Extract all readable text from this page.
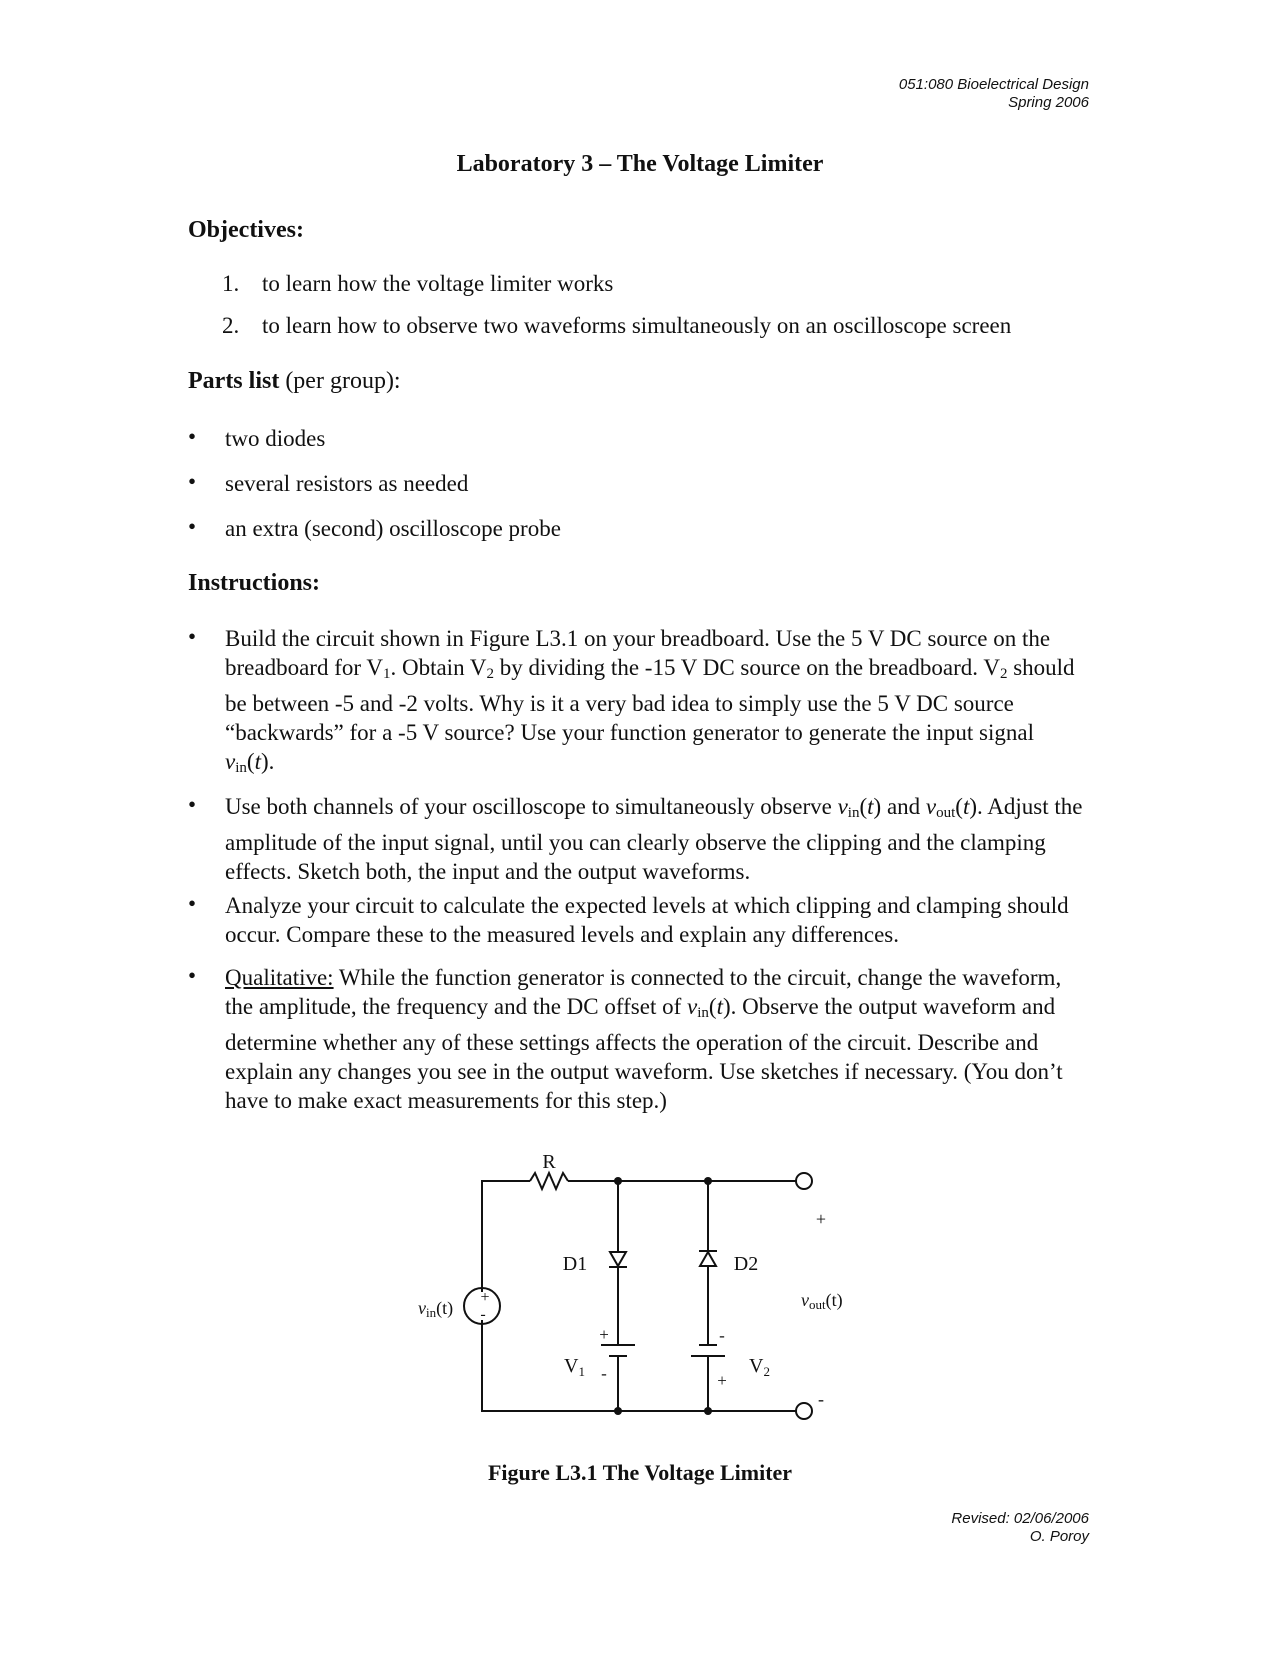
051:080 Bioelectrical Design
Spring 2006
Laboratory 3 – The Voltage Limiter
Objectives:
1. to learn how the voltage limiter works
2. to learn how to observe two waveforms simultaneously on an oscilloscope screen
Parts list (per group):
• two diodes
• several resistors as needed
• an extra (second) oscilloscope probe
Instructions:
• Build the circuit shown in Figure L3.1 on your breadboard. Use the 5 V DC source on the breadboard for $V_1$. Obtain $V_2$ by dividing the -15 V DC source on the breadboard. $V_2$ should be between -5 and -2 volts. Why is it a very bad idea to simply use the 5 V DC source “backwards” for a -5 V source? Use your function generator to generate the input signal $v_{in}(t)$.
• Use both channels of your oscilloscope to simultaneously observe $v_{in}(t)$ and $v_{out}(t)$. Adjust the amplitude of the input signal, until you can clearly observe the clipping and the clamping effects. Sketch both, the input and the output waveforms.
• Analyze your circuit to calculate the expected levels at which clipping and clamping should occur. Compare these to the measured levels and explain any differences.
• Qualitative: While the function generator is connected to the circuit, change the waveform, the amplitude, the frequency and the DC offset of $v_{in}(t)$. Observe the output waveform and determine whether any of these settings affects the operation of the circuit. Describe and explain any changes you see in the output waveform. Use sketches if necessary. (You don’t have to make exact measurements for this step.)
R
D1	D2
+
-
vin(t)	vout(t)
+
-
+
-
$V_1$
-
+
$V_2$
Figure L3.1 The Voltage Limiter
Revised: 02/06/2006
O. Poroy
